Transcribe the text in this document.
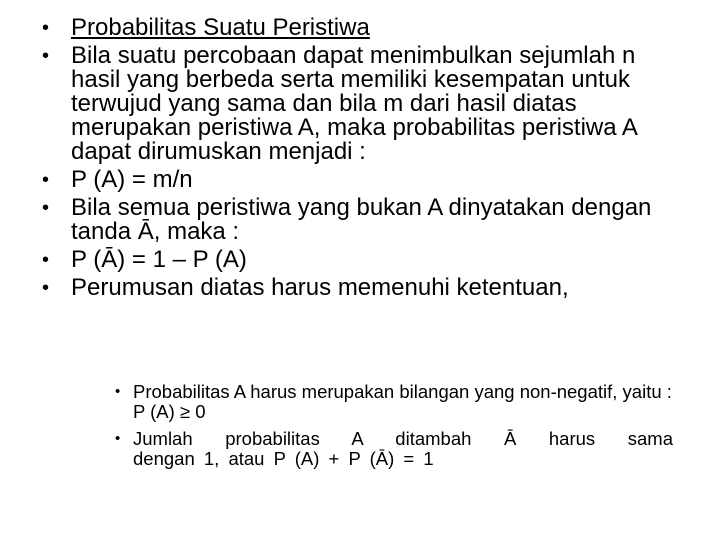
• Probabilitas Suatu Peristiwa
• Bila suatu percobaan dapat menimbulkan sejumlah n hasil yang berbeda serta memiliki kesempatan untuk terwujud yang sama dan bila m dari hasil diatas merupakan peristiwa A, maka probabilitas peristiwa A dapat dirumuskan menjadi :
• P (A) = m/n
• Bila semua peristiwa yang bukan A dinyatakan dengan tanda Ā, maka :
• P (Ā) = 1 – P (A)
• Perumusan diatas harus memenuhi ketentuan,
• Probabilitas A harus merupakan bilangan yang non-negatif, yaitu : P (A) ≥ 0
• Jumlah probabilitas A ditambah Ā harus sama
dengan 1, atau P (A) + P (Ā) = 1
